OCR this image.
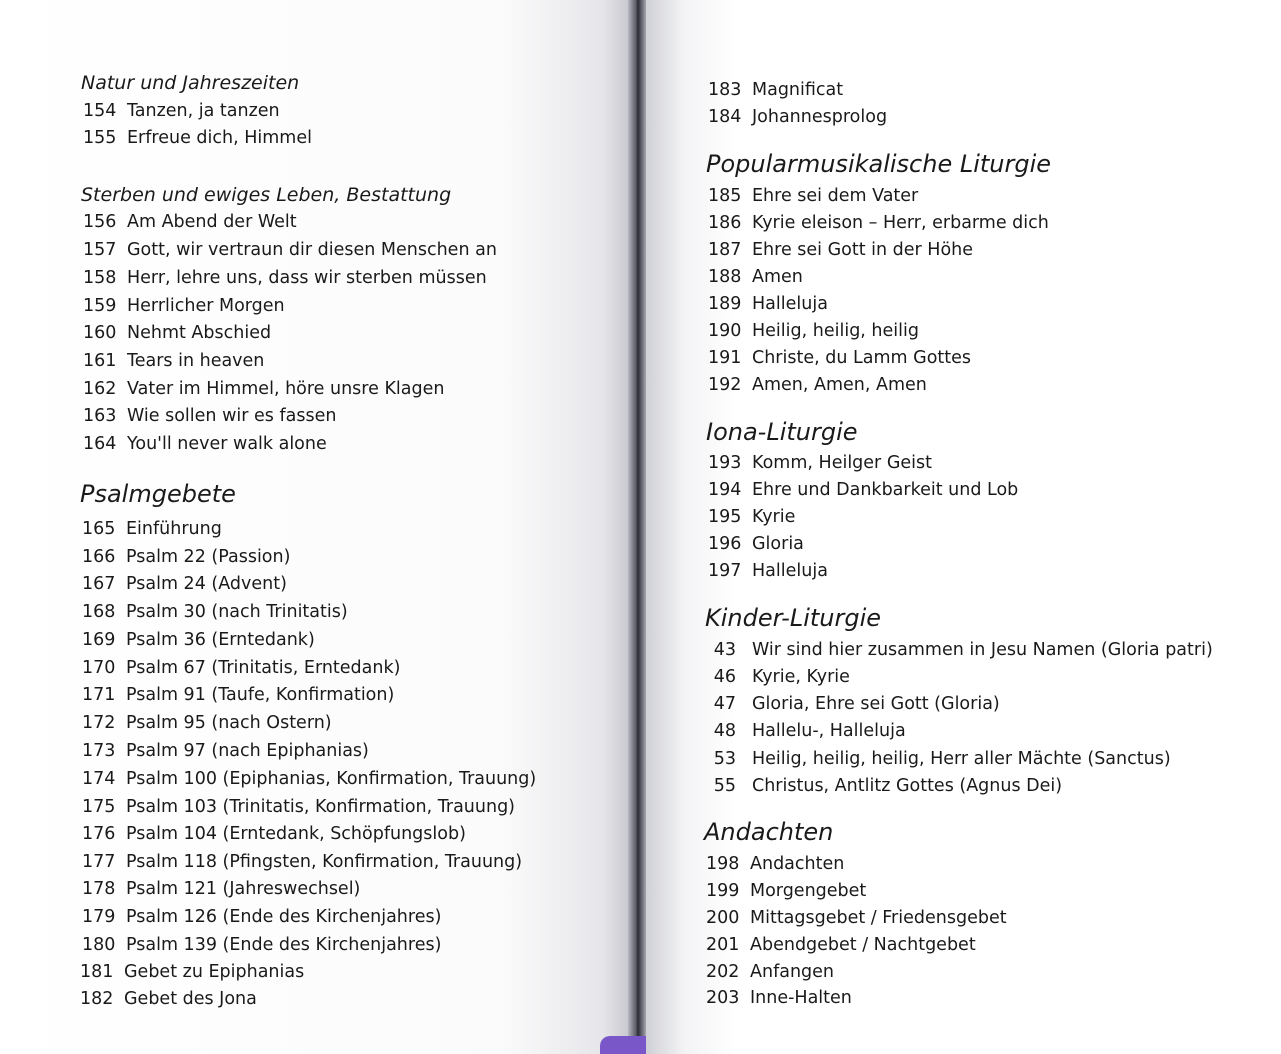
Natur und Jahreszeiten
154 Tanzen, ja tanzen
155 Erfreue dich, Himmel
Sterben und ewiges Leben, Bestattung
156 Am Abend der Welt
157 Gott, wir vertraun dir diesen Menschen an
158 Herr, lehre uns, dass wir sterben müssen
159 Herrlicher Morgen
160 Nehmt Abschied
161 Tears in heaven
162 Vater im Himmel, höre unsre Klagen
163 Wie sollen wir es fassen
164 You'll never walk alone
Psalmgebete
165 Einführung
166 Psalm 22 (Passion)
167 Psalm 24 (Advent)
168 Psalm 30 (nach Trinitatis)
169 Psalm 36 (Erntedank)
170 Psalm 67 (Trinitatis, Erntedank)
171 Psalm 91 (Taufe, Konfirmation)
172 Psalm 95 (nach Ostern)
173 Psalm 97 (nach Epiphanias)
174 Psalm 100 (Epiphanias, Konfirmation, Trauung)
175 Psalm 103 (Trinitatis, Konfirmation, Trauung)
176 Psalm 104 (Erntedank, Schöpfungslob)
177 Psalm 118 (Pfingsten, Konfirmation, Trauung)
178 Psalm 121 (Jahreswechsel)
179 Psalm 126 (Ende des Kirchenjahres)
180 Psalm 139 (Ende des Kirchenjahres)
181 Gebet zu Epiphanias
182 Gebet des Jona
183 Magnificat
184 Johannesprolog
Popularmusikalische Liturgie
185 Ehre sei dem Vater
186 Kyrie eleison – Herr, erbarme dich
187 Ehre sei Gott in der Höhe
188 Amen
189 Halleluja
190 Heilig, heilig, heilig
191 Christe, du Lamm Gottes
192 Amen, Amen, Amen
Iona-Liturgie
193 Komm, Heilger Geist
194 Ehre und Dankbarkeit und Lob
195 Kyrie
196 Gloria
197 Halleluja
Kinder-Liturgie
43 Wir sind hier zusammen in Jesu Namen (Gloria patri)
46 Kyrie, Kyrie
47 Gloria, Ehre sei Gott (Gloria)
48 Hallelu-, Halleluja
53 Heilig, heilig, heilig, Herr aller Mächte (Sanctus)
55 Christus, Antlitz Gottes (Agnus Dei)
Andachten
198 Andachten
199 Morgengebet
200 Mittagsgebet / Friedensgebet
201 Abendgebet / Nachtgebet
202 Anfangen
203 Inne-Halten
